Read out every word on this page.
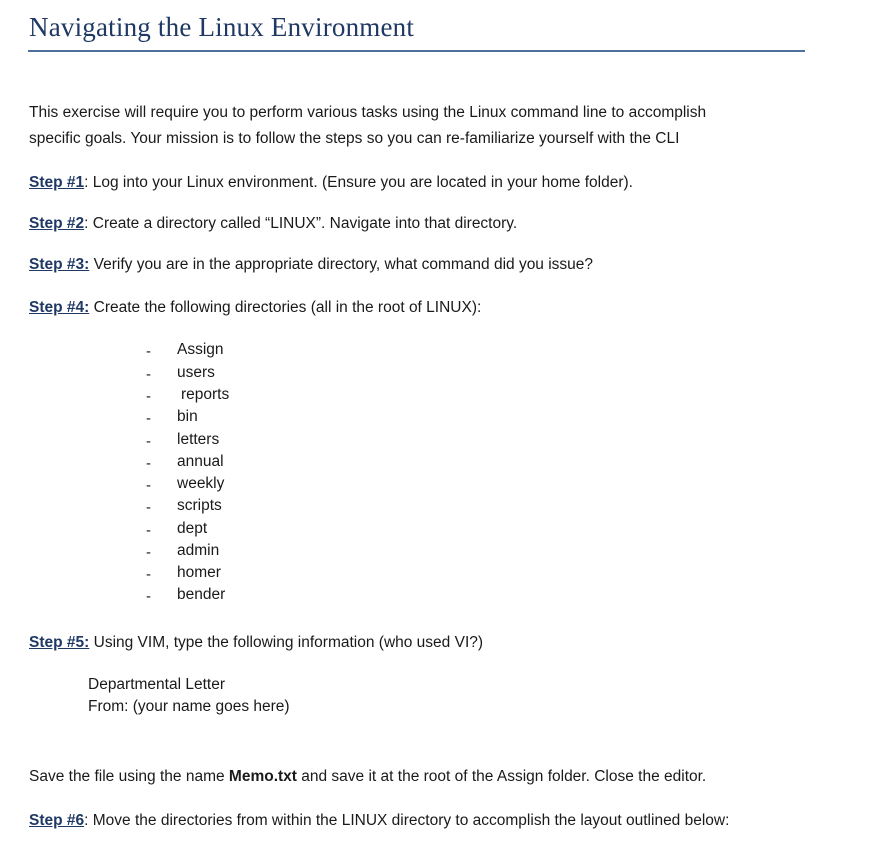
Navigating the Linux Environment
This exercise will require you to perform various tasks using the Linux command line to accomplish
specific goals. Your mission is to follow the steps so you can re-familiarize yourself with the CLI
Step #1: Log into your Linux environment. (Ensure you are located in your home folder).
Step #2: Create a directory called “LINUX”. Navigate into that directory.
Step #3: Verify you are in the appropriate directory, what command did you issue?
Step #4: Create the following directories (all in the root of LINUX):
- Assign
- users
- reports
- bin
- letters
- annual
- weekly
- scripts
- dept
- admin
- homer
- bender
Step #5: Using VIM, type the following information (who used VI?)
Departmental Letter
From: (your name goes here)
Save the file using the name Memo.txt and save it at the root of the Assign folder. Close the editor.
Step #6: Move the directories from within the LINUX directory to accomplish the layout outlined below:
